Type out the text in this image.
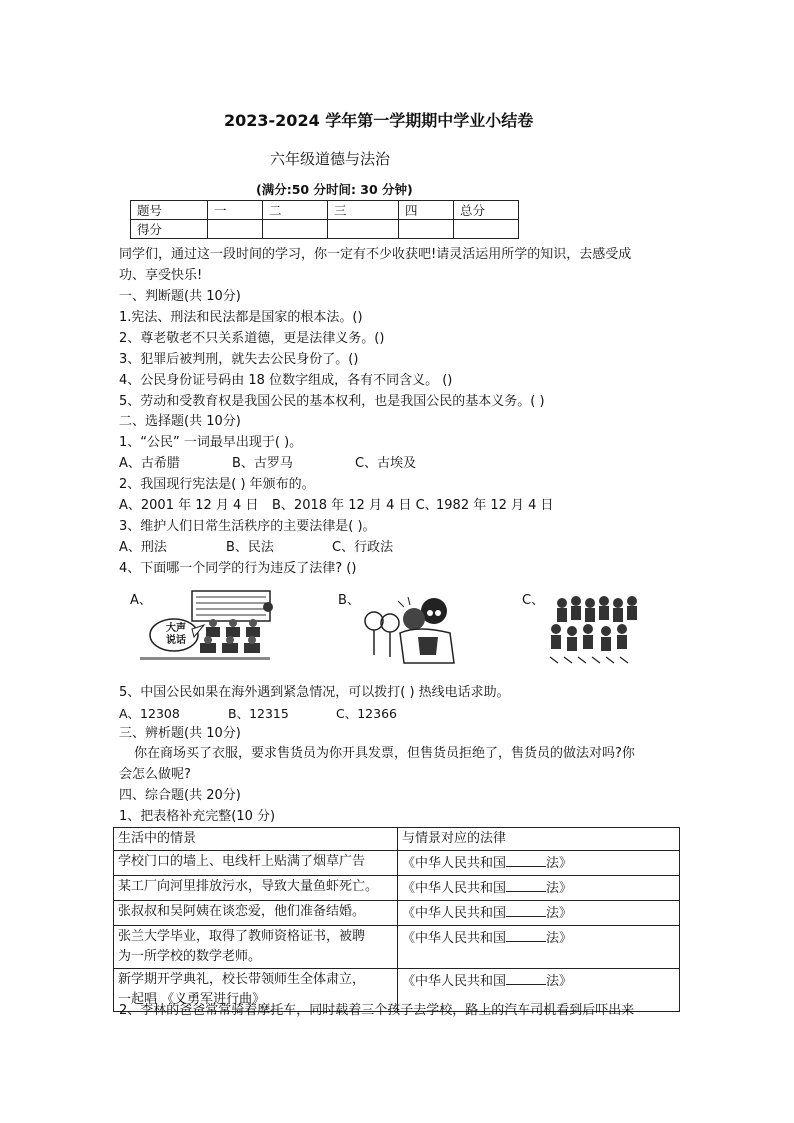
2023-2024 学年第一学期期中学业小结卷
六年级道德与法治
(满分:50 分时间: 30 分钟)
题号	一	二	三	四	总分
得分					
同学们，通过这一段时间的学习，你一定有不少收获吧!请灵活运用所学的知识，去感受成
功、享受快乐!
一、判断题(共 10分)
1.宪法、刑法和民法都是国家的根本法。()
2、尊老敬老不只关系道德，更是法律义务。()
3、犯罪后被判刑，就失去公民身份了。()
4、公民身份证号码由 18 位数字组成，各有不同含义。 ()
5、劳动和受教育权是我国公民的基本权利，也是我国公民的基本义务。( )
二、选择题(共 10分)
1、“公民” 一词最早出现于( )。
A、古希腊	B、古罗马	C、古埃及
2、我国现行宪法是( ) 年颁布的。
A、2001 年 12 月 4 日 B、2018 年 12 月 4 日 C、
1982 年 12 月 4 日
3、维护人们日常生活秩序的主要法律是( )。
A、刑法	B、民法	C、行政法
4、下面哪一个同学的行为违反了法律? ()
A、
大声
说话
B、	C、
5、中国公民如果在海外遇到紧急情况，可以拨打( ) 热线电话求助。
A、12308	B、12315	C、12366
三、辨析题(共 10分)
你在商场买了衣服，要求售货员为你开具发票，但售货员拒绝了，售货员的做法对吗?你
会怎么做呢?
四、综合题(共 20分)
1、把表格补充完整(10 分)
生活中的情景	与情景对应的法律
学校门口的墙上、电线杆上贴满了烟草广告	《中华人民共和国 法》
某工厂向河里排放污水，导致大量鱼虾死亡。	《中华人民共和国 法》
张叔叔和吴阿姨在谈恋爱，他们准备结婚。	《中华人民共和国 法》

张兰大学毕业，取得了教师资格证书，被聘
为一所学校的数学老师。	《中华人民共和国 法》

新学期开学典礼，校长带领师生全体肃立，
一起唱 《义勇军进行曲》	《中华人民共和国 法》
2、李林的爸爸常常骑着摩托车，同时载着三个孩子去学校，路上的汽车司机看到后吓出来
